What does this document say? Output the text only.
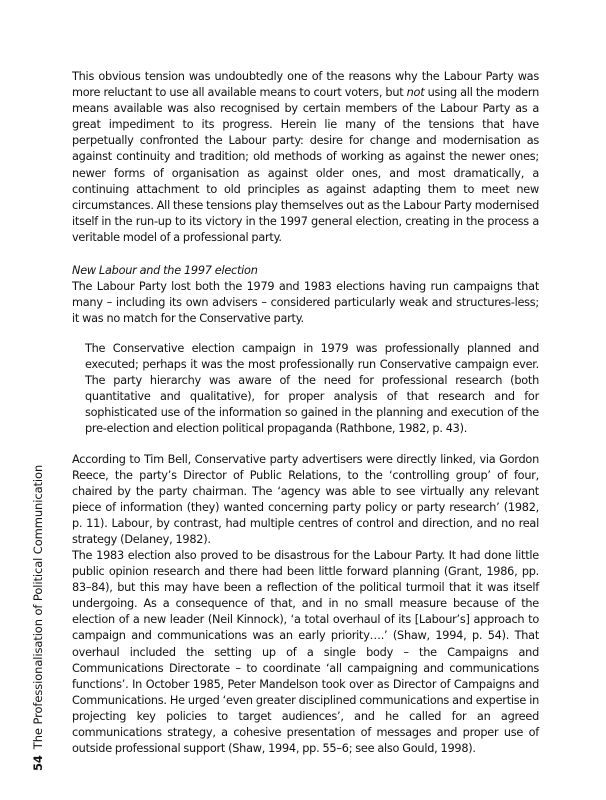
This obvious tension was undoubtedly one of the reasons why the Labour Party was more reluctant to use all available means to court voters, but not using all the modern means available was also recognised by certain members of the Labour Party as a great impediment to its progress. Herein lie many of the tensions that have perpetually confronted the Labour party: desire for change and modernisation as against continuity and tradition; old methods of working as against the newer ones; newer forms of organisation as against older ones, and most dramatically, a continuing attachment to old principles as against adapting them to meet new circumstances. All these tensions play themselves out as the Labour Party modernised itself in the run-up to its victory in the 1997 general election, creating in the process a veritable model of a professional party.

New Labour and the 1997 election

The Labour Party lost both the 1979 and 1983 elections having run campaigns that many – including its own advisers – considered particularly weak and structures-less; it was no match for the Conservative party.

The Conservative election campaign in 1979 was professionally planned and executed; perhaps it was the most professionally run Conservative campaign ever. The party hierarchy was aware of the need for professional research (both quantitative and qualitative), for proper analysis of that research and for sophisticated use of the information so gained in the planning and execution of the pre-election and election political propaganda (Rathbone, 1982, p. 43).

According to Tim Bell, Conservative party advertisers were directly linked, via Gordon Reece, the party’s Director of Public Relations, to the ‘controlling group’ of four, chaired by the party chairman. The ‘agency was able to see virtually any relevant piece of information (they) wanted concerning party policy or party research’ (1982, p. 11). Labour, by contrast, had multiple centres of control and direction, and no real strategy (Delaney, 1982).

The 1983 election also proved to be disastrous for the Labour Party. It had done little public opinion research and there had been little forward planning (Grant, 1986, pp. 83–84), but this may have been a reflection of the political turmoil that it was itself undergoing. As a consequence of that, and in no small measure because of the election of a new leader (Neil Kinnock), ‘a total overhaul of its [Labour’s] approach to campaign and communications was an early priority….’ (Shaw, 1994, p. 54). That overhaul included the setting up of a single body – the Campaigns and Communications Directorate – to coordinate ‘all campaigning and communications functions’. In October 1985, Peter Mandelson took over as Director of Campaigns and Communications. He urged ‘even greater disciplined communications and expertise in projecting key policies to target audiences’, and he called for an agreed communications strategy, a cohesive presentation of messages and proper use of outside professional support (Shaw, 1994, pp. 55–6; see also Gould, 1998).

54The Professionalisation of Political Communication
